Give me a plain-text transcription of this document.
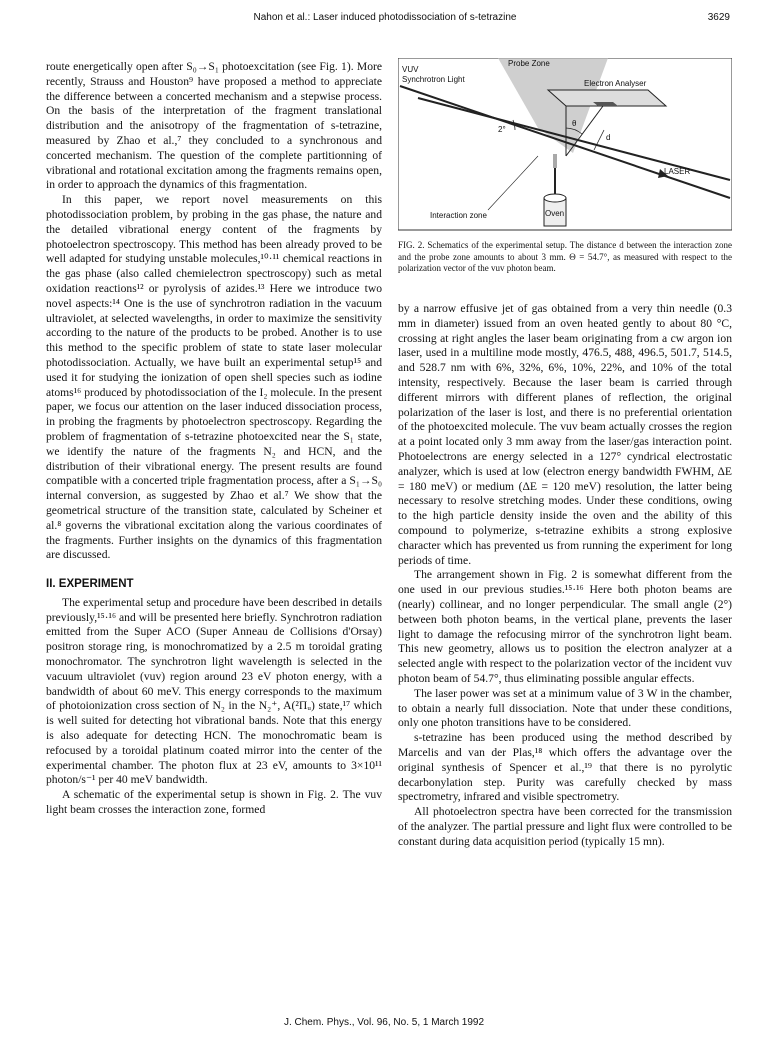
Nahon et al.: Laser induced photodissociation of s-tetrazine	3629

route energetically open after S₀→S₁ photoexcitation (see Fig. 1). More recently, Strauss and Houston⁹ have proposed a method to appreciate the difference between a concerted mechanism and a stepwise process. On the basis of the interpretation of the fragment translational distribution and the anisotropy of the fragmentation of s-tetrazine, measured by Zhao et al.,⁷ they concluded to a synchronous and concerted mechanism. The question of the complete partitionning of vibrational and rotational excitation among the fragments remains open, in order to approach the dynamics of this fragmentation.

In this paper, we report novel measurements on this photodissociation problem, by probing in the gas phase, the nature and the detailed vibrational energy content of the fragments by photoelectron spectroscopy. This method has been already proved to be well adapted for studying unstable molecules,¹⁰·¹¹ chemical reactions in the gas phase (also called chemielectron spectroscopy) such as metal oxidation reactions¹² or pyrolysis of azides.¹³ Here we introduce two novel aspects:¹⁴ One is the use of synchrotron radiation in the vacuum ultraviolet, at selected wavelengths, in order to maximize the sensitivity according to the nature of the products to be probed. Another is to use this method to the specific problem of state to state laser molecular photodissociation. Actually, we have built an experimental setup¹⁵ and used it for studying the ionization of open shell species such as iodine atoms¹⁶ produced by photodissociation of the I₂ molecule. In the present paper, we focus our attention on the laser induced dissociation process, in probing the fragments by photoelectron spectroscopy. Regarding the problem of fragmentation of s-tetrazine photoexcited near the S₁ state, we identify the nature of the fragments N₂ and HCN, and the distribution of their vibrational energy. The present results are found compatible with a concerted triple fragmentation process, after a S₁→S₀ internal conversion, as suggested by Zhao et al.⁷ We show that the geometrical structure of the transition state, calculated by Scheiner et al.⁸ governs the vibrational excitation along the various coordinates of the fragments. Further insights on the dynamics of this fragmentation are discussed.

II. EXPERIMENT

The experimental setup and procedure have been described in details previously,¹⁵·¹⁶ and will be presented here briefly. Synchrotron radiation emitted from the Super ACO (Super Anneau de Collisions d'Orsay) positron storage ring, is monochromatized by a 2.5 m toroidal grating monochromator. The synchrotron light wavelength is selected in the vacuum ultraviolet (vuv) region around 23 eV photon energy, with a bandwidth of about 60 meV. This energy corresponds to the maximum of photoionization cross section of N₂ in the N₂⁺, A(²Πᵤ) state,¹⁷ which is well suited for detecting hot vibrational bands. Note that this energy is also adequate for detecting HCN. The monochromatic beam is refocused by a toroidal platinum coated mirror into the center of the experimental chamber. The photon flux at 23 eV, amounts to 3×10¹¹ photon/s⁻¹ per 40 meV bandwidth.

A schematic of the experimental setup is shown in Fig. 2. The vuv light beam crosses the interaction zone, formed

VUV
Synchrotron Light
Probe Zone
Electron Analyser
2°
θ
d
LASER
Interaction zone	Oven
FIG. 2. Schematics of the experimental setup. The distance d between the interaction zone and the probe zone amounts to about 3 mm. Θ = 54.7°, as measured with respect to the polarization vector of the vuv photon beam.

by a narrow effusive jet of gas obtained from a very thin needle (0.3 mm in diameter) issued from an oven heated gently to about 80 °C, crossing at right angles the laser beam originating from a cw argon ion laser, used in a multiline mode mostly, 476.5, 488, 496.5, 501.7, 514.5, and 528.7 nm with 6%, 32%, 6%, 10%, 22%, and 10% of the total intensity, respectively. Because the laser beam is carried through different mirrors with different planes of reflection, the original polarization of the laser is lost, and there is no preferential orientation of the photoexcited molecule. The vuv beam actually crosses the region at a point located only 3 mm away from the laser/gas interaction point. Photoelectrons are energy selected in a 127° cyndrical electrostatic analyzer, which is used at low (electron energy bandwidth FWHM, ΔE = 180 meV) or medium (ΔE = 120 meV) resolution, the latter being necessary to resolve stretching modes. Under these conditions, owing to the high particle density inside the oven and the ability of this compound to polymerize, s-tetrazine exhibits a strong explosive character which has prevented us from running the experiment for long periods of time.

The arrangement shown in Fig. 2 is somewhat different from the one used in our previous studies.¹⁵·¹⁶ Here both photon beams are (nearly) collinear, and no longer perpendicular. The small angle (2°) between both photon beams, in the vertical plane, prevents the laser light to damage the refocusing mirror of the synchrotron light beam. This new geometry, allows us to position the electron analyzer at a selected angle with respect to the polarization vector of the incident vuv photon beam of 54.7°, thus eliminating possible angular effects.

The laser power was set at a minimum value of 3 W in the chamber, to obtain a nearly full dissociation. Note that under these conditions, only one photon transitions have to be considered.

s-tetrazine has been produced using the method described by Marcelis and van der Plas,¹⁸ which offers the advantage over the original synthesis of Spencer et al.,¹⁹ that there is no pyrolytic decarbonylation step. Purity was carefully checked by mass spectrometry, infrared and visible spectrometry.

All photoelectron spectra have been corrected for the transmission of the analyzer. The partial pressure and light flux were controlled to be constant during data acquisition period (typically 15 mn).

J. Chem. Phys., Vol. 96, No. 5, 1 March 1992
